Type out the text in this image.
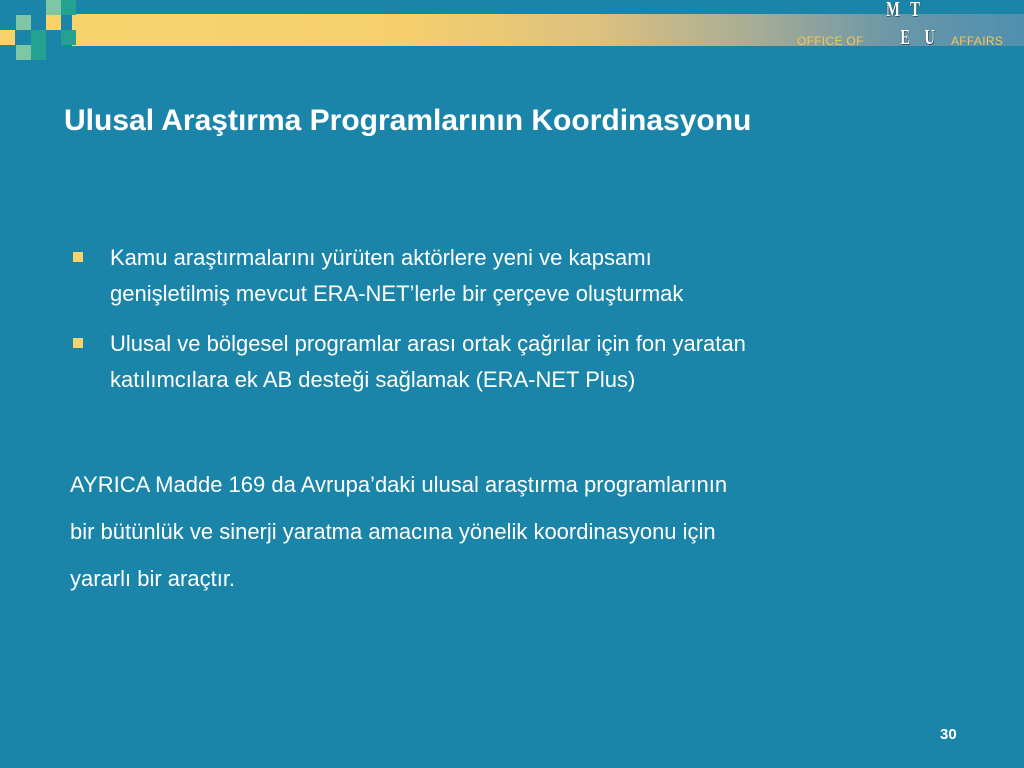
OFFICE OF
M T
E U AFFAIRS
Ulusal Araştırma Programlarının Koordinasyonu
Kamu araştırmalarını yürüten aktörlere yeni ve kapsamı
genişletilmiş mevcut ERA-NET’lerle bir çerçeve oluşturmak
Ulusal ve bölgesel programlar arası ortak çağrılar için fon yaratan
katılımcılara ek AB desteği sağlamak (ERA-NET Plus)

AYRICA Madde 169 da Avrupa’daki ulusal araştırma programlarının
bir bütünlük ve sinerji yaratma amacına yönelik koordinasyonu için
yararlı bir araçtır.

30
